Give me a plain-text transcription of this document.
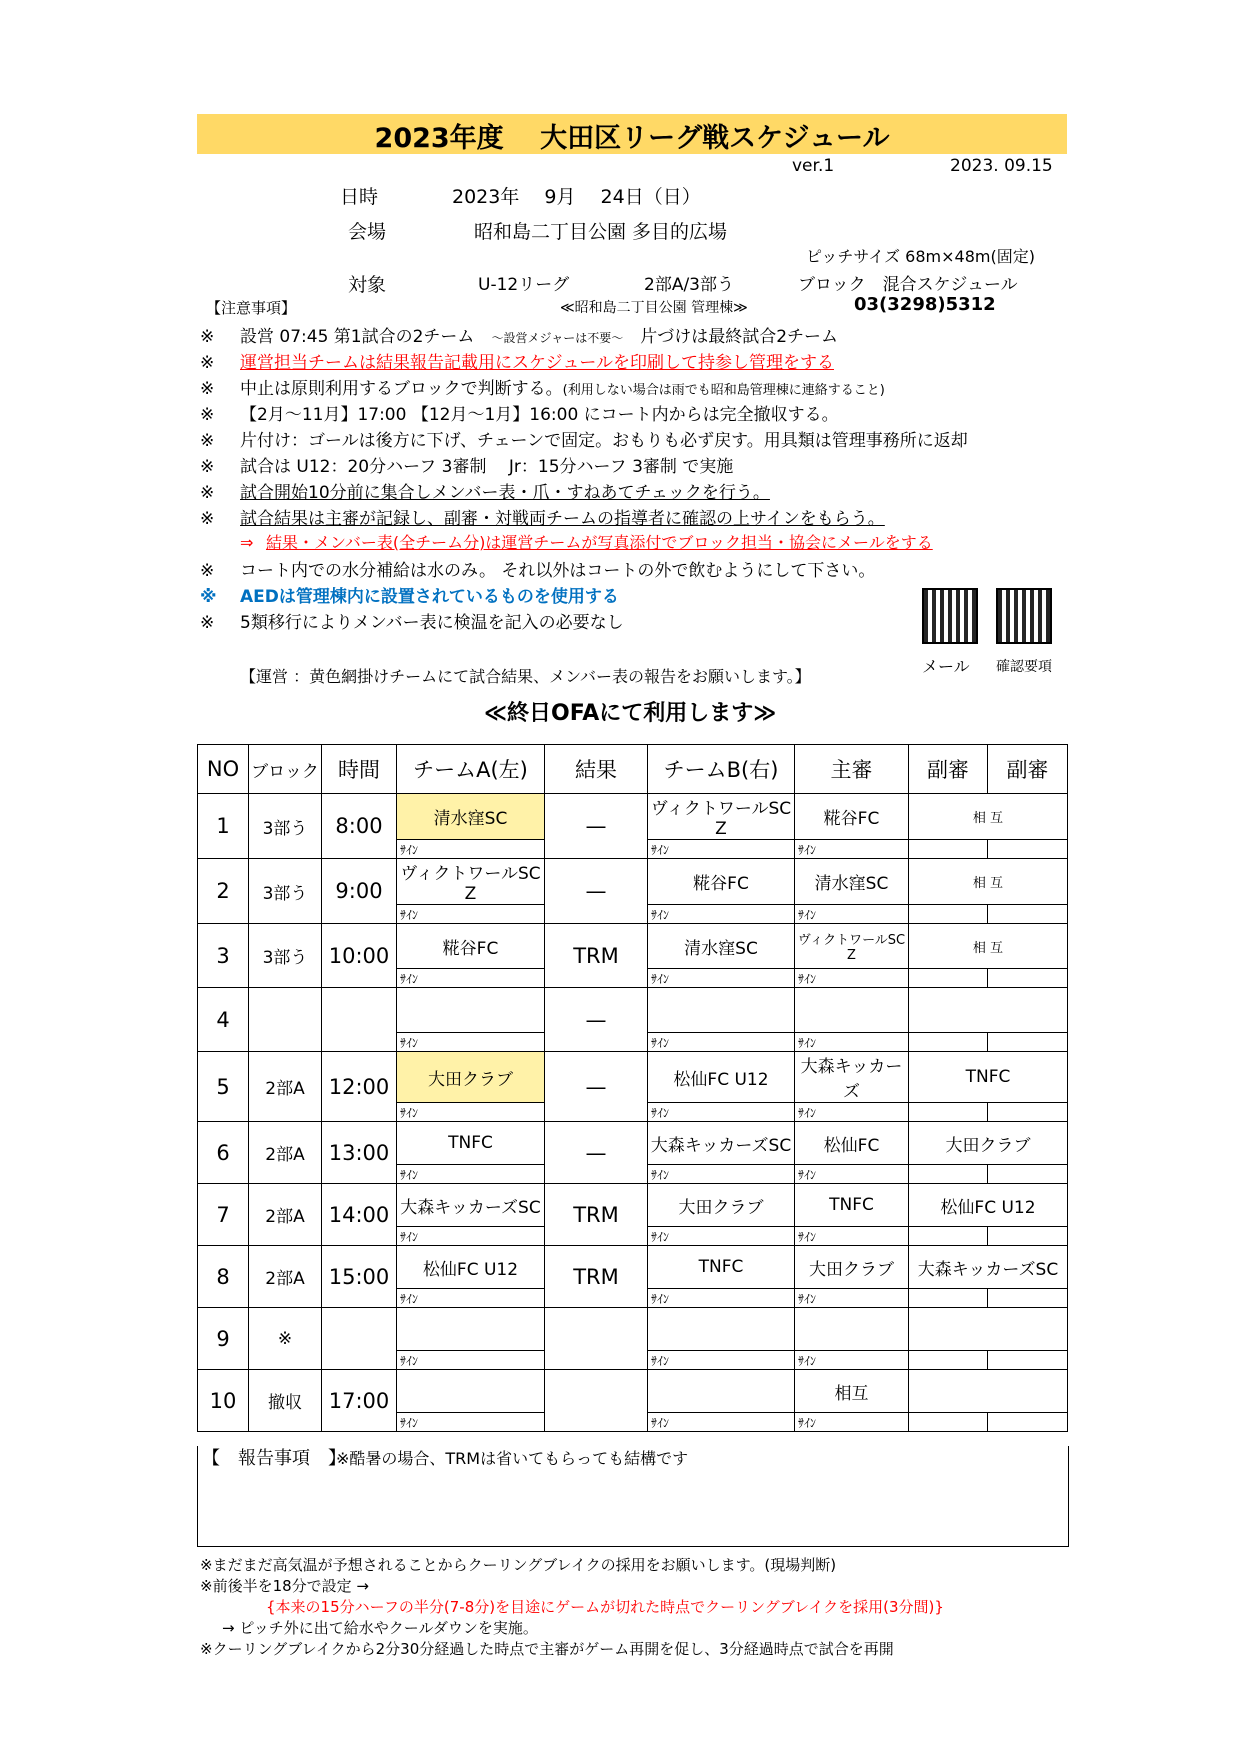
2023年度　 大田区リーグ戦スケジュール
ver.1	2023. 09.15
日時	2023年　 9月　 24日（日）
会場	昭和島二丁目公園 多目的広場
ピッチサイズ 68m×48m(固定)
対象	U-12リーグ	2部A/3部う	ブロック　混合スケジュール
【注意事項】	≪昭和島二丁目公園 管理棟≫	03(3298)5312
※ 設営 07:45 第1試合の2チーム　～設営メジャーは不要～　片づけは最終試合2チーム
※ 運営担当チームは結果報告記載用にスケジュールを印刷して持参し管理をする
※ 中止は原則利用するブロックで判断する。(利用しない場合は雨でも昭和島管理棟に連絡すること)
※ 【2月～11月】17:00 【12月～1月】16:00 にコート内からは完全撤収する。
※ 片付け：ゴールは後方に下げ、チェーンで固定。おもりも必ず戻す。用具類は管理事務所に返却
※ 試合は U12：20分ハーフ 3審制　 Jr：15分ハーフ 3審制 で実施
※ 試合開始10分前に集合しメンバー表・爪・すねあてチェックを行う。
※ 試合結果は主審が記録し、副審・対戦両チームの指導者に確認の上サインをもらう。
⇒ 結果・メンバー表(全チーム分)は運営チームが写真添付でブロック担当・協会にメールをする
※ コート内での水分補給は水のみ。 それ以外はコートの外で飲むようにして下さい。
※ AEDは管理棟内に設置されているものを使用する
※ 5類移行によりメンバー表に検温を記入の必要なし
メール 確認要項
【運営 ：黄色網掛けチームにて試合結果、メンバー表の報告をお願いします。】
≪終日OFAにて利用します≫
NO	ブロック	時間	チームA(左)	結果	チームB(右)	主審	副審	副審
1	3部う	8:00	清水窪SC	—	ヴィクトワールSC Z	糀谷FC	相 互	
			ｻｲﾝ		ｻｲﾝ	ｻｲﾝ		
2	3部う	9:00	ヴィクトワールSC Z	—	糀谷FC	清水窪SC	相 互	
			ｻｲﾝ		ｻｲﾝ	ｻｲﾝ		
3	3部う	10:00	糀谷FC	TRM	清水窪SC	ヴィクトワールSC Z	相 互	
			ｻｲﾝ		ｻｲﾝ	ｻｲﾝ		
4				—				
			ｻｲﾝ		ｻｲﾝ	ｻｲﾝ		
5	2部A	12:00	大田クラブ	—	松仙FC U12	大森キッカーズ	TNFC	
			ｻｲﾝ		ｻｲﾝ	ｻｲﾝ		
6	2部A	13:00	TNFC	—	大森キッカーズSC	松仙FC	大田クラブ	
			ｻｲﾝ		ｻｲﾝ	ｻｲﾝ		
7	2部A	14:00	大森キッカーズSC	TRM	大田クラブ	TNFC	松仙FC U12	
			ｻｲﾝ		ｻｲﾝ	ｻｲﾝ		
8	2部A	15:00	松仙FC U12	TRM	TNFC	大田クラブ	大森キッカーズSC	
			ｻｲﾝ		ｻｲﾝ	ｻｲﾝ		
9	※							
			ｻｲﾝ		ｻｲﾝ	ｻｲﾝ		
10	撤収	17:00				相互		
			ｻｲﾝ		ｻｲﾝ	ｻｲﾝ		
【　報告事項　】
※酷暑の場合、TRMは省いてもらっても結構です
※まだまだ高気温が予想されることからクーリングブレイクの採用をお願いします。(現場判断)
※前後半を18分で設定 →
{本来の15分ハーフの半分(7-8分)を目途にゲームが切れた時点でクーリングブレイクを採用(3分間)}
→ ピッチ外に出て給水やクールダウンを実施。
※クーリングブレイクから2分30分経過した時点で主審がゲーム再開を促し、3分経過時点で試合を再開
